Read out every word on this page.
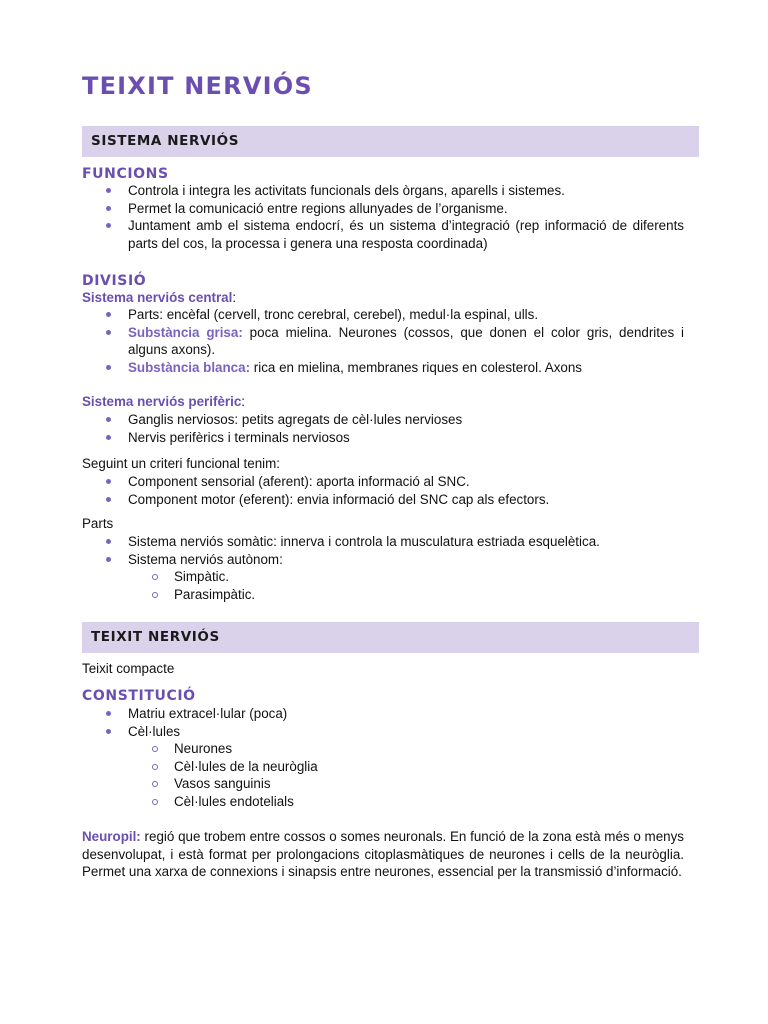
TEIXIT NERVIÓS
SISTEMA NERVIÓS
FUNCIONS
Controla i integra les activitats funcionals dels òrgans, aparells i sistemes.
Permet la comunicació entre regions allunyades de l’organisme.
Juntament amb el sistema endocrí, és un sistema d’integració (rep informació de diferents parts del cos, la processa i genera una resposta coordinada)
DIVISIÓ
Sistema nerviós central:
Parts: encèfal (cervell, tronc cerebral, cerebel), medul·la espinal, ulls.
Substància grisa: poca mielina. Neurones (cossos, que donen el color gris, dendrites i alguns axons).
Substància blanca: rica en mielina, membranes riques en colesterol. Axons
Sistema nerviós perifèric:
Ganglis nerviosos: petits agregats de cèl·lules nervioses
Nervis perifèrics i terminals nerviosos
Seguint un criteri funcional tenim:
Component sensorial (aferent): aporta informació al SNC.
Component motor (eferent): envia informació del SNC cap als efectors.
Parts
Sistema nerviós somàtic: innerva i controla la musculatura estriada esquelètica.
Sistema nerviós autònom:
Simpàtic.
Parasimpàtic.
TEIXIT NERVIÓS
Teixit compacte
CONSTITUCIÓ
Matriu extracel·lular (poca)
Cèl·lules
Neurones
Cèl·lules de la neuròglia
Vasos sanguinis
Cèl·lules endotelials

Neuropil: regió que trobem entre cossos o somes neuronals. En funció de la zona està més o menys desenvolupat, i està format per prolongacions citoplasmàtiques de neurones i cells de la neuròglia. Permet una xarxa de connexions i sinapsis entre neurones, essencial per la transmissió d’informació.
